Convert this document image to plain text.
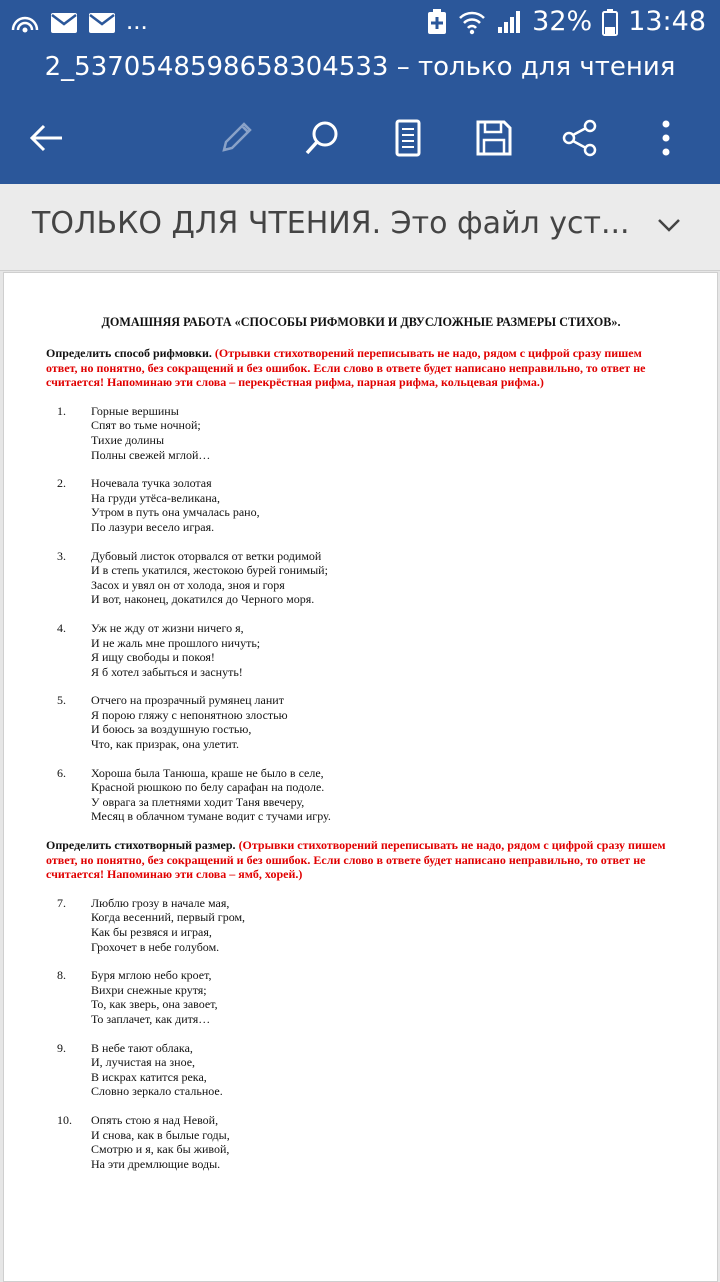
...	32% 13:48
2_5370548598658304533 – только для чтения
ТОЛЬКО ДЛЯ ЧТЕНИЯ. Это файл уст...
ДОМАШНЯЯ РАБОТА «СПОСОБЫ РИФМОВКИ И ДВУСЛОЖНЫЕ РАЗМЕРЫ СТИХОВ».

Определить способ рифмовки. (Отрывки стихотворений переписывать не надо, рядом с цифрой сразу пишем ответ, но понятно, без сокращений и без ошибок. Если слово в ответе будет написано неправильно, то ответ не считается! Напоминаю эти слова – перекрёстная рифма, парная рифма, кольцевая рифма.)

1.	Горные вершины
Спят во тьме ночной;
Тихие долины
Полны свежей мглой…
2.	Ночевала тучка золотая
На груди утёса-великана,
Утром в путь она умчалась рано,
По лазури весело играя.
3.	Дубовый листок оторвался от ветки родимой
И в степь укатился, жестокою бурей гонимый;
Засох и увял он от холода, зноя и горя
И вот, наконец, докатился до Черного моря.
4.	Уж не жду от жизни ничего я,
И не жаль мне прошлого ничуть;
Я ищу свободы и покоя!
Я б хотел забыться и заснуть!
5.	Отчего на прозрачный румянец ланит
Я порою гляжу с непонятною злостью
И боюсь за воздушную гостью,
Что, как призрак, она улетит.
6.	Хороша была Танюша, краше не было в селе,
Красной рюшкою по белу сарафан на подоле.
У оврага за плетнями ходит Таня ввечеру,
Месяц в облачном тумане водит с тучами игру.

Определить стихотворный размер. (Отрывки стихотворений переписывать не надо, рядом с цифрой сразу пишем ответ, но понятно, без сокращений и без ошибок. Если слово в ответе будет написано неправильно, то ответ не считается! Напоминаю эти слова – ямб, хорей.)

7.	Люблю грозу в начале мая,
Когда весенний, первый гром,
Как бы резвяся и играя,
Грохочет в небе голубом.
8.	Буря мглою небо кроет,
Вихри снежные крутя;
То, как зверь, она завоет,
То заплачет, как дитя…
9.	В небе тают облака,
И, лучистая на зное,
В искрах катится река,
Словно зеркало стальное.
10.	Опять стою я над Невой,
И снова, как в былые годы,
Смотрю и я, как бы живой,
На эти дремлющие воды.
